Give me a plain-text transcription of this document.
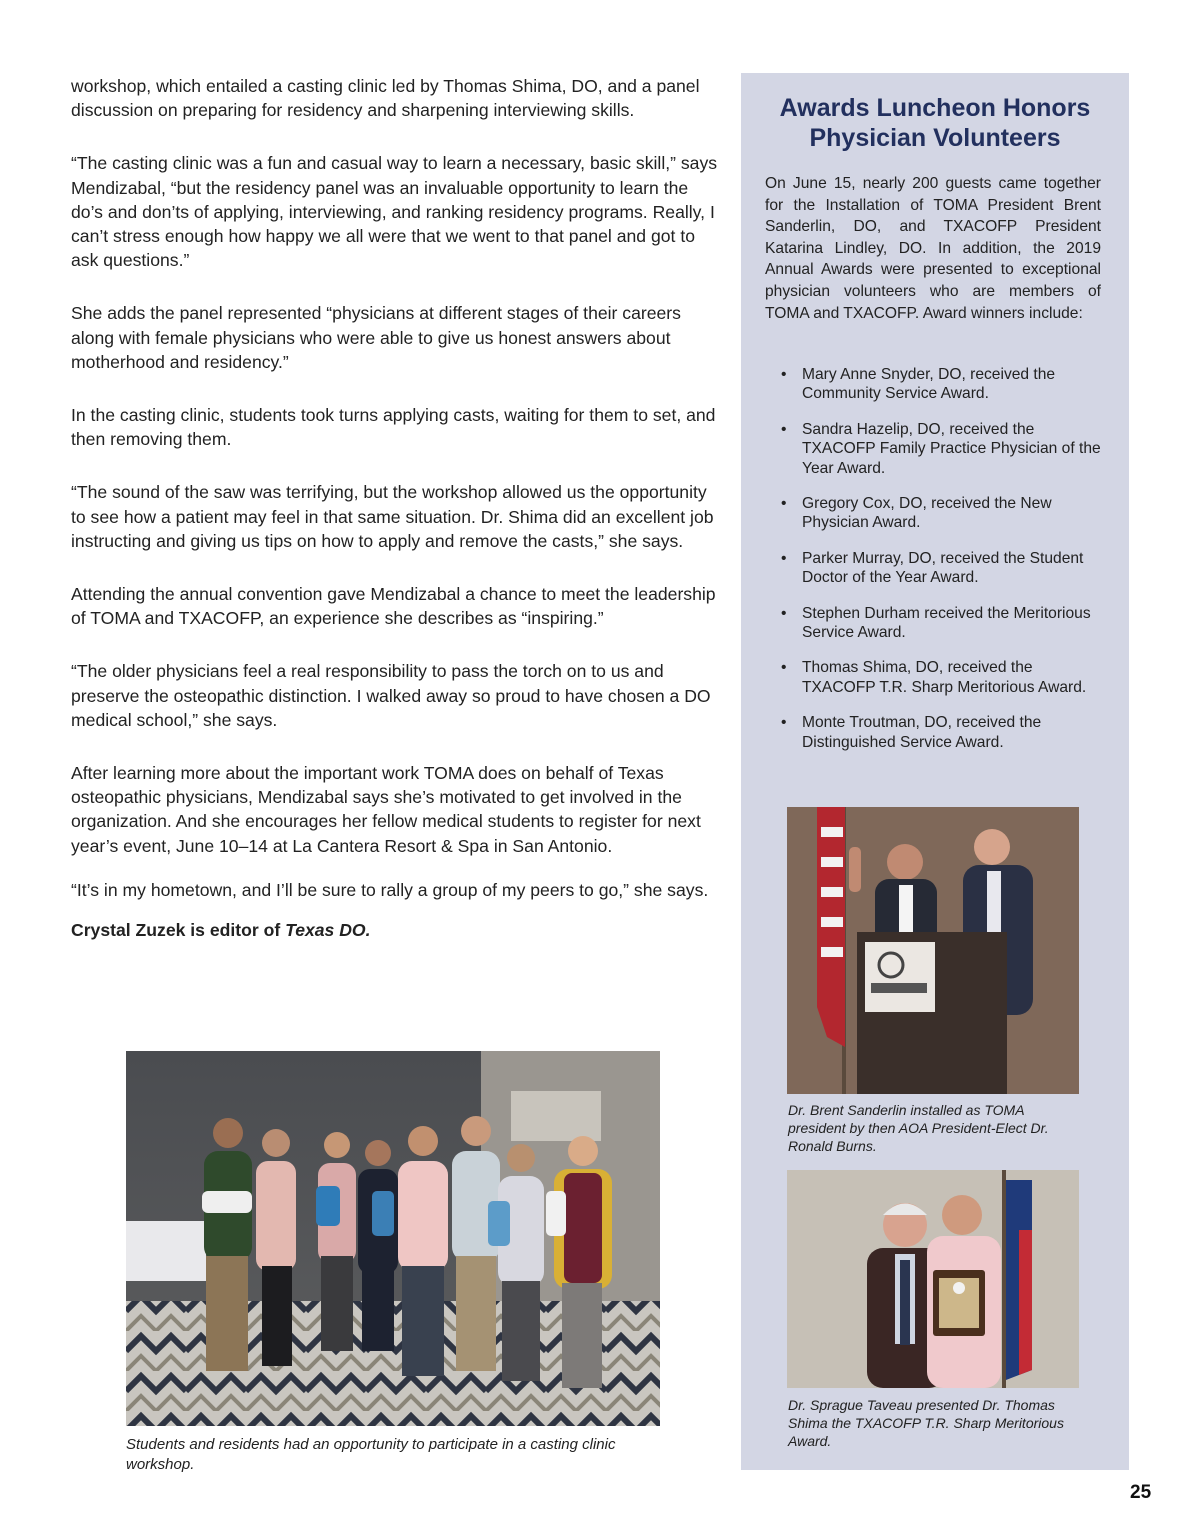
workshop, which entailed a casting clinic led by Thomas Shima, DO, and a panel discussion on preparing for residency and sharpening interviewing skills.

“The casting clinic was a fun and casual way to learn a necessary, basic skill,” says Mendizabal, “but the residency panel was an invaluable opportunity to learn the do’s and don’ts of applying, interviewing, and ranking residency programs. Really, I can’t stress enough how happy we all were that we went to that panel and got to ask questions.”

She adds the panel represented “physicians at different stages of their careers along with female physicians who were able to give us honest answers about motherhood and residency.”

In the casting clinic, students took turns applying casts, waiting for them to set, and then removing them.

“The sound of the saw was terrifying, but the workshop allowed us the opportunity to see how a patient may feel in that same situation. Dr. Shima did an excellent job instructing and giving us tips on how to apply and remove the casts,” she says.

Attending the annual convention gave Mendizabal a chance to meet the leadership of TOMA and TXACOFP, an experience she describes as “inspiring.”

“The older physicians feel a real responsibility to pass the torch on to us and preserve the osteopathic distinction. I walked away so proud to have chosen a DO medical school,” she says.

After learning more about the important work TOMA does on behalf of Texas osteopathic physicians, Mendizabal says she’s motivated to get involved in the organization. And she encourages her fellow medical students to register for next year’s event, June 10–14 at La Cantera Resort & Spa in San Antonio.

“It’s in my hometown, and I’ll be sure to rally a group of my peers to go,” she says.

Crystal Zuzek is editor of Texas DO.

Students and residents had an opportunity to participate in a casting clinic workshop.

Awards Luncheon Honors Physician Volunteers

On June 15, nearly 200 guests came together for the Installation of TOMA President Brent Sanderlin, DO, and TXACOFP President Katarina Lindley, DO. In addition, the 2019 Annual Awards were presented to exceptional physician volunteers who are members of TOMA and TXACOFP. Award winners include:

• Mary Anne Snyder, DO, received the Community Service Award.
• Sandra Hazelip, DO, received the TXACOFP Family Practice Physician of the Year Award.
• Gregory Cox, DO, received the New Physician Award.
• Parker Murray, DO, received the Student Doctor of the Year Award.
• Stephen Durham received the Meritorious Service Award.
• Thomas Shima, DO, received the TXACOFP T.R. Sharp Meritorious Award.
• Monte Troutman, DO, received the Distinguished Service Award.

Dr. Brent Sanderlin installed as TOMA president by then AOA President-Elect Dr. Ronald Burns.

Dr. Sprague Taveau presented Dr. Thomas Shima the TXACOFP T.R. Sharp Meritorious Award.

25
